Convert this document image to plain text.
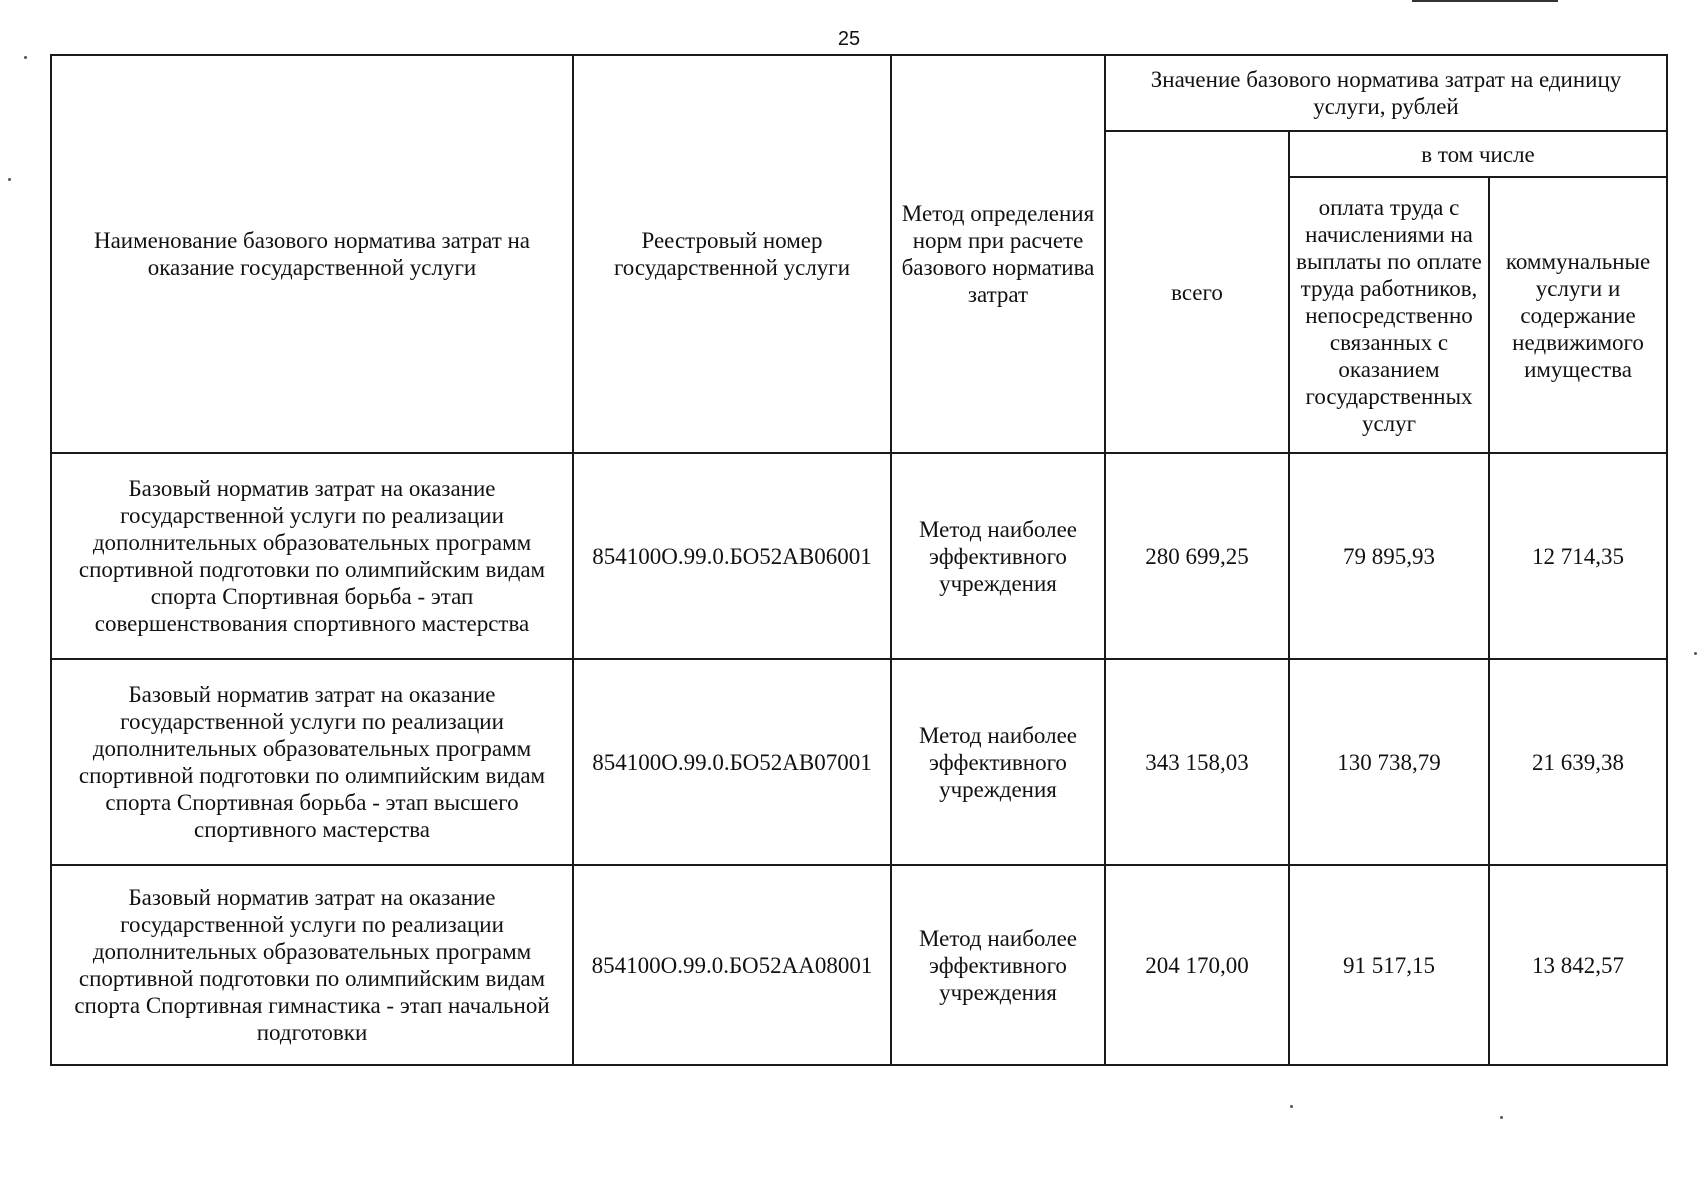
25
Наименование базового норматива затрат на оказание государственной услуги	Реестровый номер государственной услуги	Метод определения норм при расчете базового норматива затрат	Значение базового норматива затрат на единицу услуги, рублей		
			всего	в том числе	
				оплата труда с начислениями на выплаты по оплате труда работников, непосредственно связанных с оказанием государственных услуг	коммунальные услуги и содержание недвижимого имущества
Базовый норматив затрат на оказание государственной услуги по реализации дополнительных образовательных программ спортивной подготовки по олимпийским видам спорта Спортивная борьба - этап совершенствования спортивного мастерства	854100О.99.0.БО52АВ06001	Метод наиболее эффективного учреждения	280 699,25	79 895,93	12 714,35
Базовый норматив затрат на оказание государственной услуги по реализации дополнительных образовательных программ спортивной подготовки по олимпийским видам спорта Спортивная борьба - этап высшего спортивного мастерства	854100О.99.0.БО52АВ07001	Метод наиболее эффективного учреждения	343 158,03	130 738,79	21 639,38
Базовый норматив затрат на оказание государственной услуги по реализации дополнительных образовательных программ спортивной подготовки по олимпийским видам спорта Спортивная гимнастика - этап начальной подготовки	854100О.99.0.БО52АА08001	Метод наиболее эффективного учреждения	204 170,00	91 517,15	13 842,57
